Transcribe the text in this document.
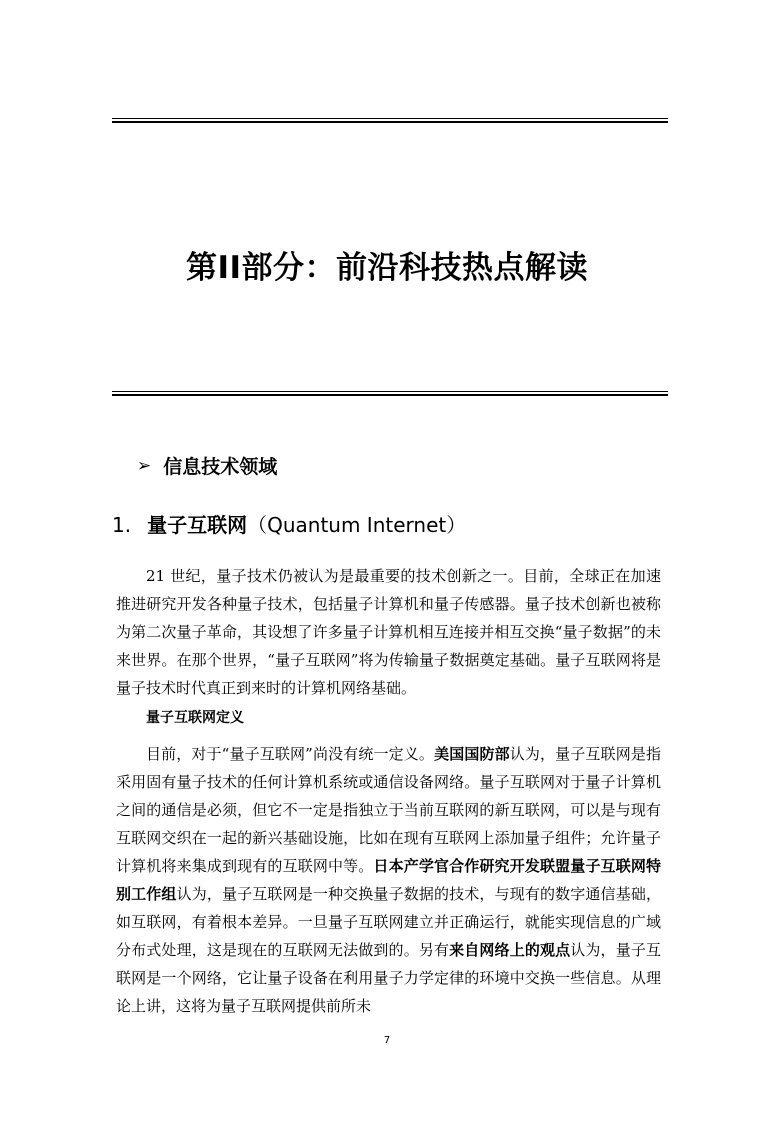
第II部分：前沿科技热点解读
➢ 信息技术领域
1. 量子互联网（Quantum Internet）

21 世纪，量子技术仍被认为是最重要的技术创新之一。目前，全球正在加速推进研究开发各种量子技术，包括量子计算机和量子传感器。量子技术创新也被称为第二次量子革命，其设想了许多量子计算机相互连接并相互交换“量子数据”的未来世界。在那个世界，“量子互联网”将为传输量子数据奠定基础。量子互联网将是量子技术时代真正到来时的计算机网络基础。

量子互联网定义

目前，对于“量子互联网”尚没有统一定义。美国国防部认为，量子互联网是指采用固有量子技术的任何计算机系统或通信设备网络。量子互联网对于量子计算机之间的通信是必须，但它不一定是指独立于当前互联网的新互联网，可以是与现有互联网交织在一起的新兴基础设施，比如在现有互联网上添加量子组件；允许量子计算机将来集成到现有的互联网中等。日本产学官合作研究开发联盟量子互联网特别工作组认为，量子互联网是一种交换量子数据的技术，与现有的数字通信基础，如互联网，有着根本差异。一旦量子互联网建立并正确运行，就能实现信息的广域分布式处理，这是现在的互联网无法做到的。另有来自网络上的观点认为，量子互联网是一个网络，它让量子设备在利用量子力学定律的环境中交换一些信息。从理论上讲，这将为量子互联网提供前所未

7
